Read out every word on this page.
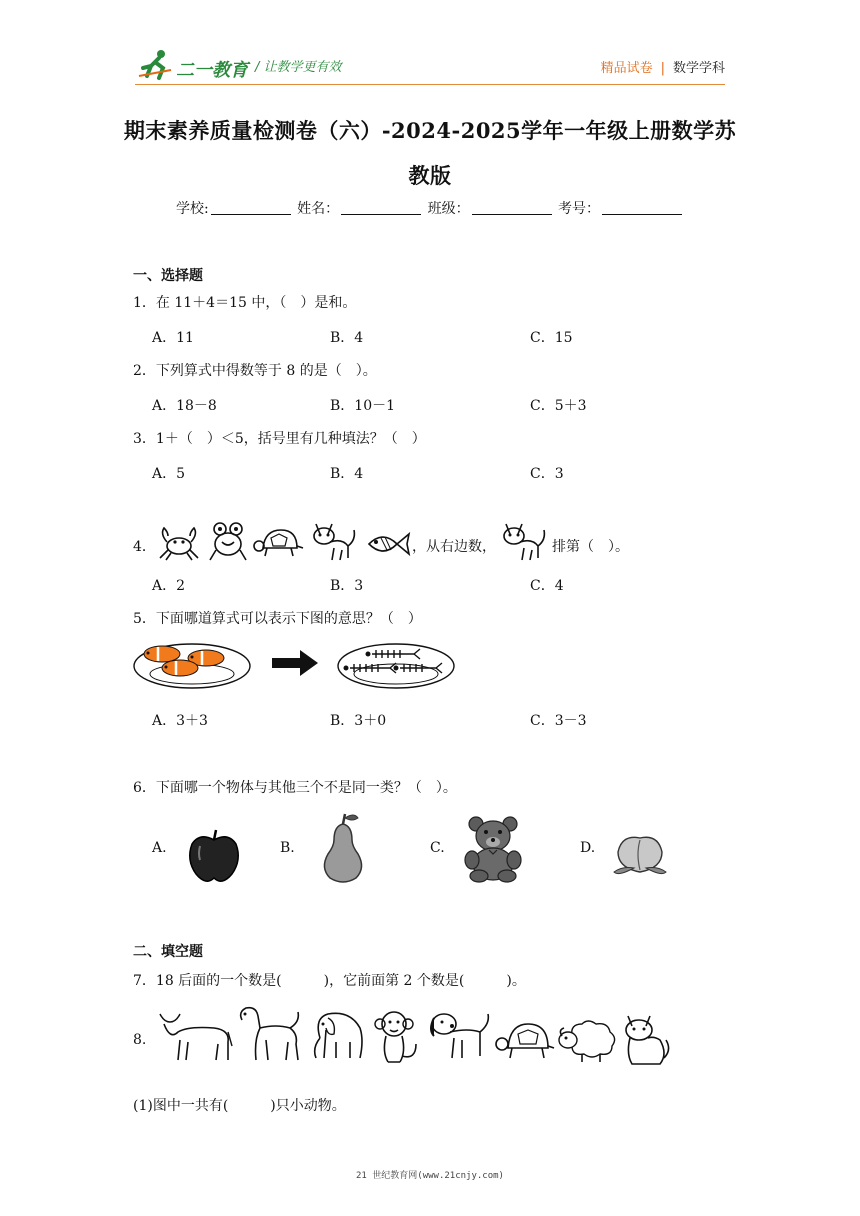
二一教育 / 让教学更有效	精品试卷 | 数学学科
期末素养质量检测卷（六）-2024-2025学年一年级上册数学苏
教版
学校:	姓名：	班级：	考号：
一、选择题
1．在 11＋4＝15 中，（　）是和。
A．11	B．4	C．15
2．下列算式中得数等于 8 的是（　）。
A．18－8	B．10－1	C．5＋3
3．1＋（　）＜5，括号里有几种填法？（　）
A．5	B．4	C．3
4．	，从右边数，	排第（　）。
A．2	B．3	C．4
5．下面哪道算式可以表示下图的意思？（　）
A．3＋3	B．3＋0	C．3－3
6．下面哪一个物体与其他三个不是同一类？（　）。
A.	B.	C.	D.
二、填空题
7．18 后面的一个数是(　　　)，它前面第 2 个数是(　　　)。
8.
(1)图中一共有(　　　)只小动物。
21 世纪教育网(www.21cnjy.com)
